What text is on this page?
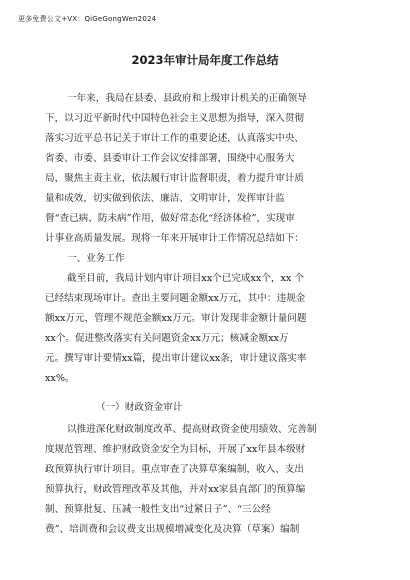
更多免费公文+VX：QiGeGongWen2024
2023年审计局年度工作总结
一年来，我局在县委、县政府和上级审计机关的正确领导
下，以习近平新时代中国特色社会主义思想为指导，深入贯彻
落实习近平总书记关于审计工作的重要论述，认真落实中央、
省委、市委、县委审计工作会议安排部署，围绕中心服务大
局，聚焦主责主业，依法履行审计监督职责，着力提升审计质
量和成效，切实做到依法、廉洁、文明审计，发挥审计监
督“查已病、防未病”作用，做好常态化“经济体检”，实现审
计事业高质量发展。现将一年来开展审计工作情况总结如下：
一、业务工作
截至目前，我局计划内审计项目xx个已完成xx个，xx 个
已经结束现场审计。查出主要问题金额xx万元，其中：违规金
额xx万元，管理不规范金额xx万元。审计发现非金额计量问题
xx个。促进整改落实有关问题资金xx万元；核减金额xx万
元。撰写审计要情xx篇，提出审计建议xx条，审计建议落实率
xx%。
（一）财政资金审计
以推进深化财政制度改革、提高财政资金使用绩效、完善制
度规范管理、维护财政资金安全为目标，开展了xx年县本级财
政预算执行审计项目。重点审查了决算草案编制，收入、支出
预算执行，财政管理改革及其他，并对xx家县直部门的预算编
制、预算批复、压减一般性支出“过紧日子”、“三公经
费”、培训费和会议费支出规模增减变化及决算（草案）编制
